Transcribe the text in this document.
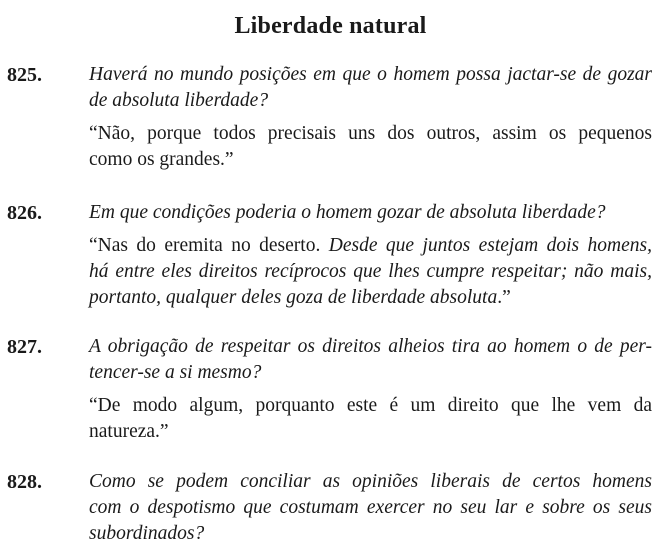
Liberdade natural
825. Haverá no mundo posições em que o homem possa jactar-se de gozar
de absoluta liberdade?

“Não, porque todos precisais uns dos outros, assim os pequenos
como os grandes.”

826. Em que condições poderia o homem gozar de absoluta liberdade?

“Nas do eremita no deserto. Desde que juntos estejam dois homens,
há entre eles direitos recíprocos que lhes cumpre respeitar; não mais,
portanto, qualquer deles goza de liberdade absoluta.”

827. A obrigação de respeitar os direitos alheios tira ao homem o de per-
tencer-se a si mesmo?

“De modo algum, porquanto este é um direito que lhe vem da
natureza.”

828. Como se podem conciliar as opiniões liberais de certos homens
com o despotismo que costumam exercer no seu lar e sobre os seus
subordinados?
